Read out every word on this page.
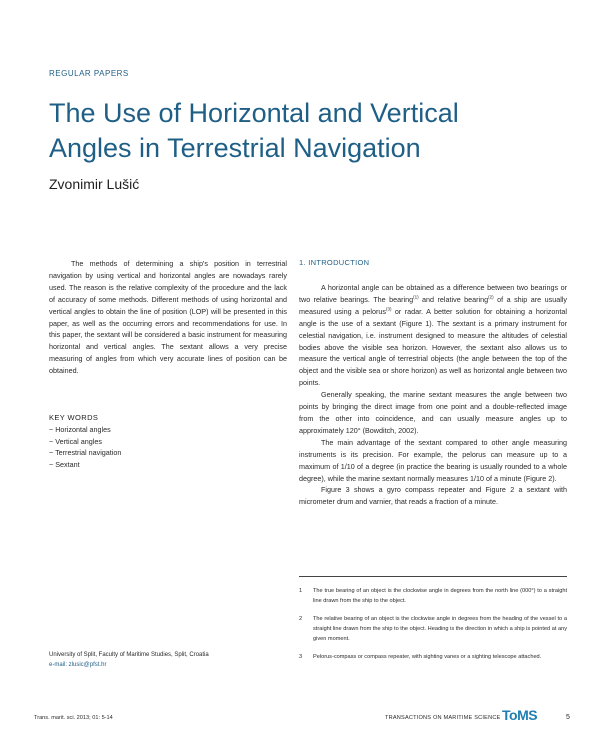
REGULAR PAPERS
The Use of Horizontal and Vertical
Angles in Terrestrial Navigation
Zvonimir Lušić

The methods of determining a ship's position in terrestrial navigation by using vertical and horizontal angles are nowadays rarely used. The reason is the relative complexity of the procedure and the lack of accuracy of some methods. Different methods of using horizontal and vertical angles to obtain the line of position (LOP) will be presented in this paper, as well as the occurring errors and recommendations for use. In this paper, the sextant will be considered a basic instrument for measuring horizontal and vertical angles. The sextant allows a very precise measuring of angles from which very accurate lines of position can be obtained.

KEY WORDS
~ Horizontal angles
~ Vertical angles
~ Terrestrial navigation
~ Sextant
University of Split, Faculty of Maritime Studies, Split, Croatia
e-mail: zlusic@pfst.hr
1. INTRODUCTION

A horizontal angle can be obtained as a difference between two bearings or two relative bearings. The bearing$^{(1)}$ and relative bearing$^{(2)}$ of a ship are usually measured using a pelorus$^{(3)}$ or radar. A better solution for obtaining a horizontal angle is the use of a sextant (Figure 1). The sextant is a primary instrument for celestial navigation, i.e. instrument designed to measure the altitudes of celestial bodies above the visible sea horizon. However, the sextant also allows us to measure the vertical angle of terrestrial objects (the angle between the top of the object and the visible sea or shore horizon) as well as horizontal angle between two points.

Generally speaking, the marine sextant measures the angle between two points by bringing the direct image from one point and a double-reflected image from the other into coincidence, and can usually measure angles up to approximately 120° (Bowditch, 2002).

The main advantage of the sextant compared to other angle measuring instruments is its precision. For example, the pelorus can measure up to a maximum of 1/10 of a degree (in practice the bearing is usually rounded to a whole degree), while the marine sextant normally measures 1/10 of a minute (Figure 2).

Figure 3 shows a gyro compass repeater and Figure 2 a sextant with micrometer drum and varnier, that reads a fraction of a minute.

1	The true bearing of an object is the clockwise angle in degrees from the north line (000°) to a straight line drawn from the ship to the object.
2	The relative bearing of an object is the clockwise angle in degrees from the heading of the vessel to a straight line drawn from the ship to the object. Heading is the direction in which a ship is pointed at any given moment.
3	Pelorus-compass or compass repeater, with sighting vanes or a sighting telescope attached.
Trans. marit. sci. 2013; 01: 5-14	TRANSACTIONS ON MARITIME SCIENCE ToMS	5
